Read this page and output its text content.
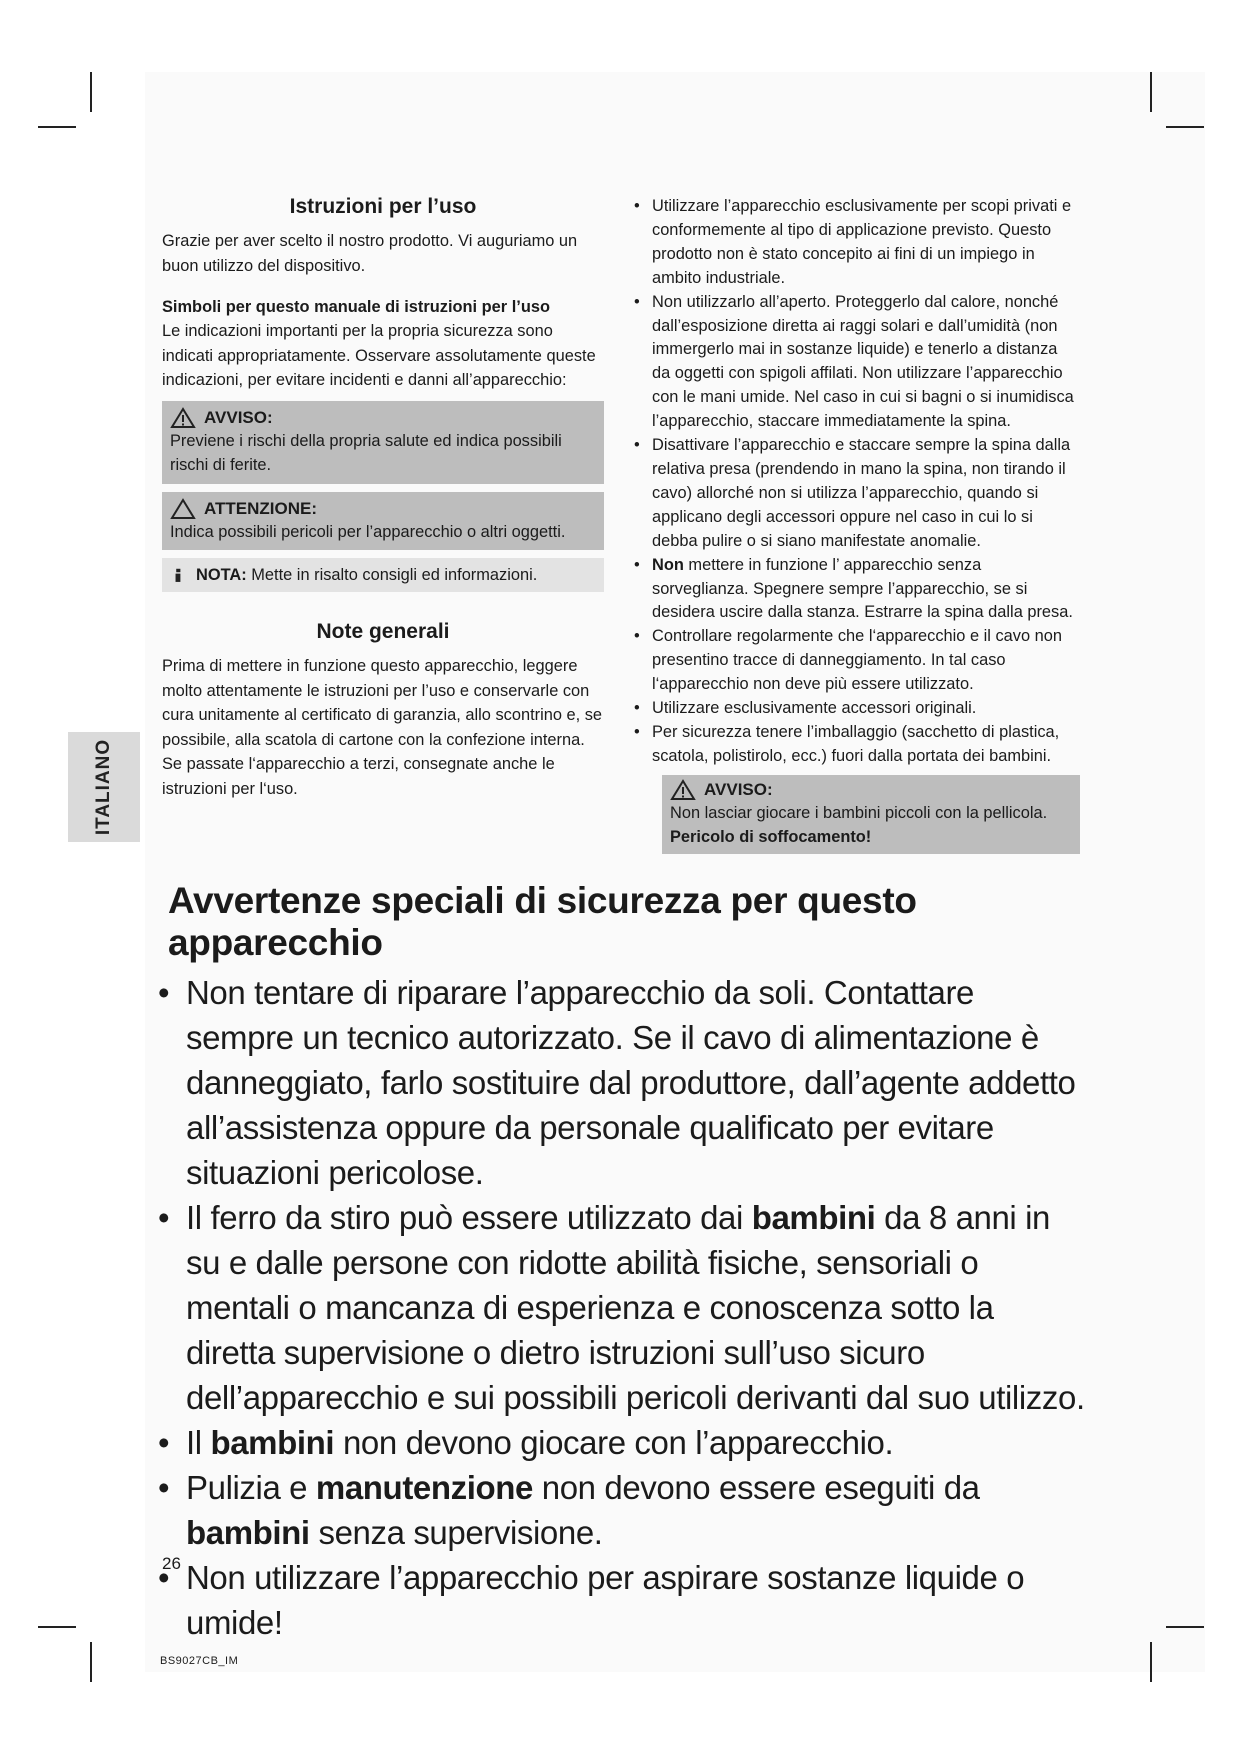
ITALIANO
Istruzioni per l’uso

Grazie per aver scelto il nostro prodotto. Vi auguriamo un buon utilizzo del dispositivo.

Simboli per questo manuale di istruzioni per l’uso

Le indicazioni importanti per la propria sicurezza sono indicati appropriatamente. Osservare assolutamente queste indicazioni, per evitare incidenti e danni all’apparecchio:

AVVISO:

Previene i rischi della propria salute ed indica possibili rischi di ferite.

ATTENZIONE:

Indica possibili pericoli per l’apparecchio o altri oggetti.

NOTA: Mette in risalto consigli ed informazioni.
Note generali

Prima di mettere in funzione questo apparecchio, leggere molto attentamente le istruzioni per l’uso e conservarle con cura unitamente al certificato di garanzia, allo scontrino e, se possibile, alla scatola di cartone con la confezione interna. Se passate l‘apparecchio a terzi, consegnate anche le istruzioni per l‘uso.

• Utilizzare l’apparecchio esclusivamente per scopi privati e conformemente al tipo di applicazione previsto. Questo prodotto non è stato concepito ai fini di un impiego in ambito industriale.
• Non utilizzarlo all’aperto. Proteggerlo dal calore, nonché dall’esposizione diretta ai raggi solari e dall’umidità (non immergerlo mai in sostanze liquide) e tenerlo a distanza da oggetti con spigoli affilati. Non utilizzare l’apparecchio con le mani umide. Nel caso in cui si bagni o si inumidisca l’apparecchio, staccare immediatamente la spina.
• Disattivare l’apparecchio e staccare sempre la spina dalla relativa presa (prendendo in mano la spina, non tirando il cavo) allorché non si utilizza l’apparecchio, quando si applicano degli accessori oppure nel caso in cui lo si debba pulire o si siano manifestate anomalie.
• Non mettere in funzione l’ apparecchio senza sorveglianza. Spegnere sempre l’apparecchio, se si desidera uscire dalla stanza. Estrarre la spina dalla presa.
• Controllare regolarmente che l‘apparecchio e il cavo non presentino tracce di danneggiamento. In tal caso l‘apparecchio non deve più essere utilizzato.
• Utilizzare esclusivamente accessori originali.
• Per sicurezza tenere l’imballaggio (sacchetto di plastica, scatola, polistirolo, ecc.) fuori dalla portata dei bambini.
AVVISO:

Non lasciar giocare i bambini piccoli con la pellicola.

Pericolo di soffocamento!

Avvertenze speciali di sicurezza per questo apparecchio
• Non tentare di riparare l’apparecchio da soli. Contattare sempre un tecnico autorizzato. Se il cavo di alimentazione è danneggiato, farlo sostituire dal produttore, dall’agente addetto all’assistenza oppure da personale qualificato per evitare situazioni pericolose.
• Il ferro da stiro può essere utilizzato dai bambini da 8 anni in su e dalle persone con ridotte abilità fisiche, sensoriali o mentali o mancanza di esperienza e conoscenza sotto la diretta supervisione o dietro istruzioni sull’uso sicuro dell’apparecchio e sui possibili pericoli derivanti dal suo utilizzo.
• Il bambini non devono giocare con l’apparecchio.
• Pulizia e manutenzione non devono essere eseguiti da bambini senza supervisione.
• Non utilizzare l’apparecchio per aspirare sostanze liquide o umide!
26
BS9027CB_IM
